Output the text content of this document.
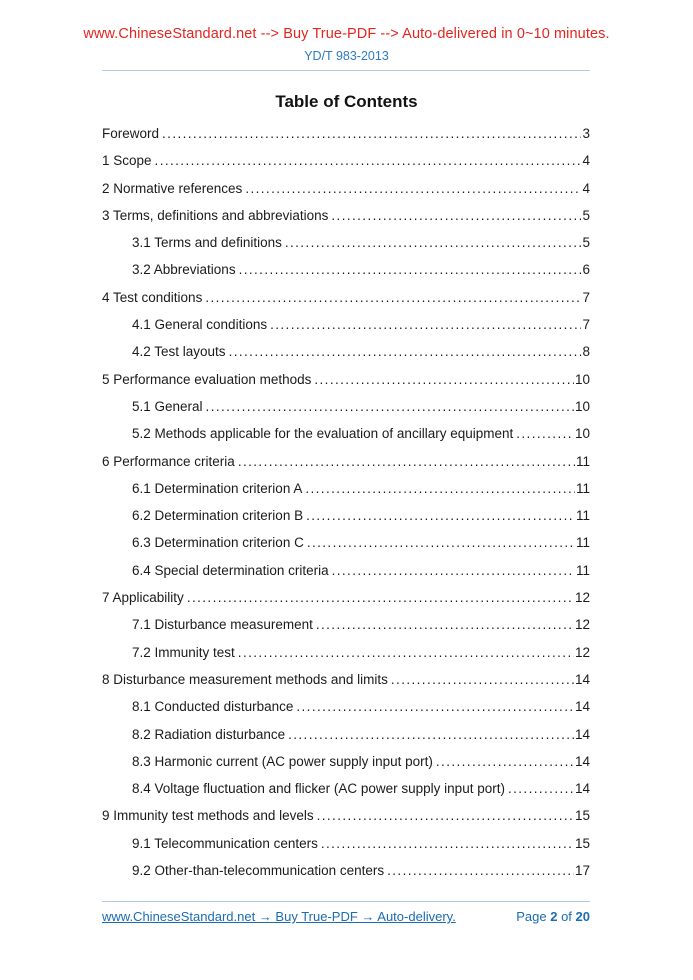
www.ChineseStandard.net --> Buy True-PDF --> Auto-delivered in 0~10 minutes.
YD/T 983-2013
Table of Contents
Foreword .....	3
1 Scope .....	4
2 Normative references .....	4
3 Terms, definitions and abbreviations .....	5
3.1 Terms and definitions .....	5
3.2 Abbreviations .....	6
4 Test conditions .....	7
4.1 General conditions .....	7
4.2 Test layouts .....	8
5 Performance evaluation methods .....	10
5.1 General .....	10
5.2 Methods applicable for the evaluation of ancillary equipment .....	10
6 Performance criteria .....	11
6.1 Determination criterion A .....	11
6.2 Determination criterion B .....	11
6.3 Determination criterion C .....	11
6.4 Special determination criteria .....	11
7 Applicability .....	12
7.1 Disturbance measurement .....	12
7.2 Immunity test .....	12
8 Disturbance measurement methods and limits .....	14
8.1 Conducted disturbance .....	14
8.2 Radiation disturbance .....	14
8.3 Harmonic current (AC power supply input port) .....	14
8.4 Voltage fluctuation and flicker (AC power supply input port) .....	14
9 Immunity test methods and levels .....	15
9.1 Telecommunication centers .....	15
9.2 Other-than-telecommunication centers .....	17
www.ChineseStandard.net → Buy True-PDF → Auto-delivery.	Page 2 of 20
